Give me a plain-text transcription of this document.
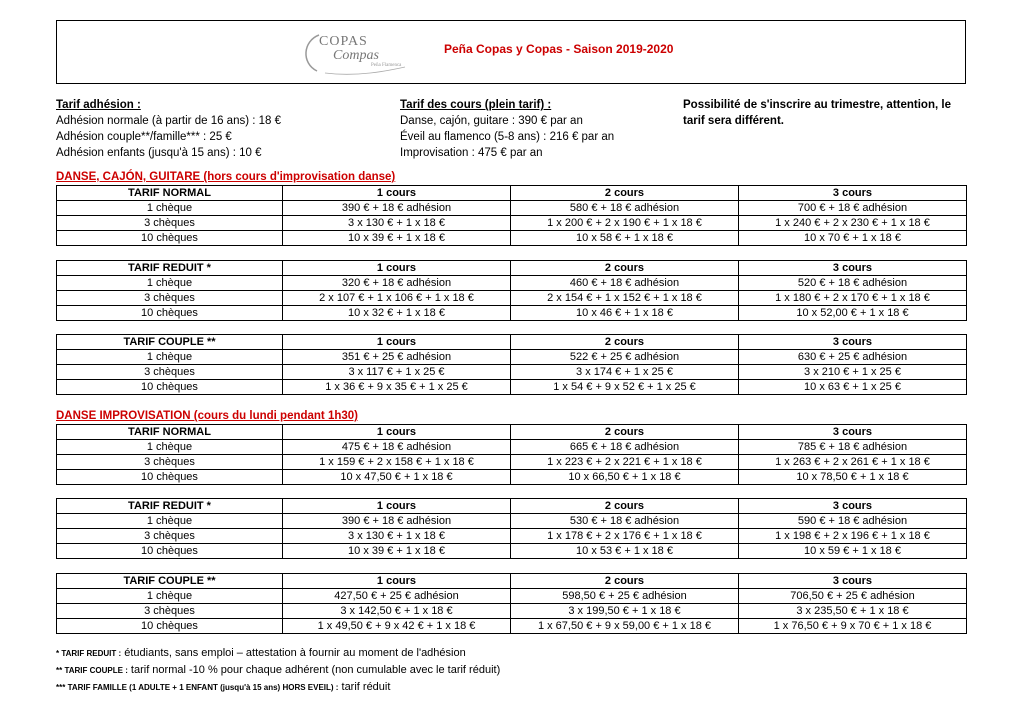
COPAS
Compas
Peña Flamenca
Peña Copas y Copas - Saison 2019-2020
Tarif adhésion :
Adhésion normale (à partir de 16 ans) : 18 €
Adhésion couple**/famille*** : 25 €
Adhésion enfants (jusqu'à 15 ans) : 10 €
Tarif des cours (plein tarif) :
Danse, cajón, guitare : 390 € par an
Éveil au flamenco (5-8 ans) : 216 € par an
Improvisation : 475 € par an
Possibilité de s'inscrire au trimestre, attention, le tarif sera différent.
DANSE, CAJÓN, GUITARE (hors cours d'improvisation danse)
TARIF NORMAL	1 cours	2 cours	3 cours
1 chèque	390 € + 18 € adhésion	580 € + 18 € adhésion	700 € + 18 € adhésion
3 chèques	3 x 130 € + 1 x 18 €	1 x 200 € + 2 x 190 € + 1 x 18 €	1 x 240 € + 2 x 230 € + 1 x 18 €
10 chèques	10 x 39 € + 1 x 18 €	10 x 58 € + 1 x 18 €	10 x 70 € + 1 x 18 €
TARIF REDUIT *	1 cours	2 cours	3 cours
1 chèque	320 € + 18 € adhésion	460 € + 18 € adhésion	520 € + 18 € adhésion
3 chèques	2 x 107 € + 1 x 106 € + 1 x 18 €	2 x 154 € + 1 x 152 € + 1 x 18 €	1 x 180 € + 2 x 170 € + 1 x 18 €
10 chèques	10 x 32 € + 1 x 18 €	10 x 46 € + 1 x 18 €	10 x 52,00 € + 1 x 18 €
TARIF COUPLE **	1 cours	2 cours	3 cours
1 chèque	351 € + 25 € adhésion	522 € + 25 € adhésion	630 € + 25 € adhésion
3 chèques	3 x 117 € + 1 x 25 €	3 x 174 € + 1 x 25 €	3 x 210 € + 1 x 25 €
10 chèques	1 x 36 € + 9 x 35 € + 1 x 25 €	1 x 54 € + 9 x 52 € + 1 x 25 €	10 x 63 € + 1 x 25 €
DANSE IMPROVISATION (cours du lundi pendant 1h30)
TARIF NORMAL	1 cours	2 cours	3 cours
1 chèque	475 € + 18 € adhésion	665 € + 18 € adhésion	785 € + 18 € adhésion
3 chèques	1 x 159 € + 2 x 158 € + 1 x 18 €	1 x 223 € + 2 x 221 € + 1 x 18 €	1 x 263 € + 2 x 261 € + 1 x 18 €
10 chèques	10 x 47,50 € + 1 x 18 €	10 x 66,50 € + 1 x 18 €	10 x 78,50 € + 1 x 18 €
TARIF REDUIT *	1 cours	2 cours	3 cours
1 chèque	390 € + 18 € adhésion	530 € + 18 € adhésion	590 € + 18 € adhésion
3 chèques	3 x 130 € + 1 x 18 €	1 x 178 € + 2 x 176 € + 1 x 18 €	1 x 198 € + 2 x 196 € + 1 x 18 €
10 chèques	10 x 39 € + 1 x 18 €	10 x 53 € + 1 x 18 €	10 x 59 € + 1 x 18 €
TARIF COUPLE **	1 cours	2 cours	3 cours
1 chèque	427,50 € + 25 € adhésion	598,50 € + 25 € adhésion	706,50 € + 25 € adhésion
3 chèques	3 x 142,50 € + 1 x 18 €	3 x 199,50 € + 1 x 18 €	3 x 235,50 € + 1 x 18 €
10 chèques	1 x 49,50 € + 9 x 42 € + 1 x 18 €	1 x 67,50 € + 9 x 59,00 € + 1 x 18 €	1 x 76,50 € + 9 x 70 € + 1 x 18 €
* TARIF REDUIT : étudiants, sans emploi – attestation à fournir au moment de l'adhésion
** TARIF COUPLE : tarif normal -10 % pour chaque adhérent (non cumulable avec le tarif réduit)
*** TARIF FAMILLE (1 ADULTE + 1 ENFANT (jusqu'à 15 ans) HORS EVEIL) : tarif réduit
